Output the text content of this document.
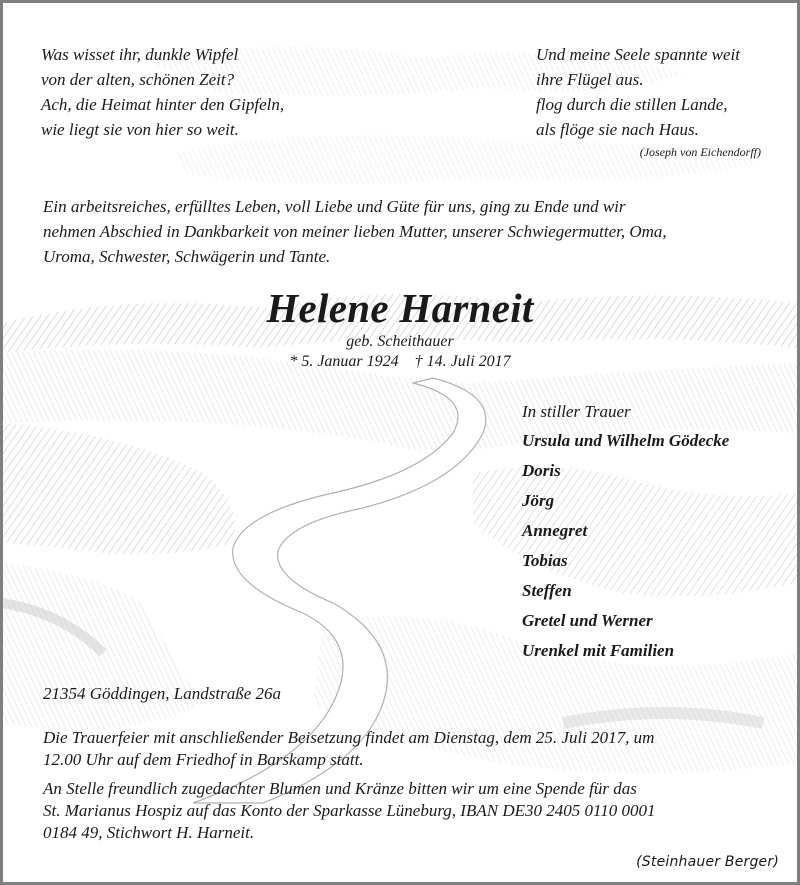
Was wisset ihr, dunkle Wipfel
von der alten, schönen Zeit?
Ach, die Heimat hinter den Gipfeln,
wie liegt sie von hier so weit.
Und meine Seele spannte weit
ihre Flügel aus.
flog durch die stillen Lande,
als flöge sie nach Haus.
(Joseph von Eichendorff)
Ein arbeitsreiches, erfülltes Leben, voll Liebe und Güte für uns, ging zu Ende und wir
nehmen Abschied in Dankbarkeit von meiner lieben Mutter, unserer Schwiegermutter, Oma,
Uroma, Schwester, Schwägerin und Tante.
Helene Harneit
geb. Scheithauer
* 5. Januar 1924 † 14. Juli 2017
In stiller Trauer
Ursula und Wilhelm Gödecke
Doris
Jörg
Annegret
Tobias
Steffen
Gretel und Werner
Urenkel mit Familien
21354 Göddingen, Landstraße 26a
Die Trauerfeier mit anschließender Beisetzung findet am Dienstag, dem 25. Juli 2017, um
12.00 Uhr auf dem Friedhof in Barskamp statt.
An Stelle freundlich zugedachter Blumen und Kränze bitten wir um eine Spende für das
St. Marianus Hospiz auf das Konto der Sparkasse Lüneburg, IBAN DE30 2405 0110 0001
0184 49, Stichwort H. Harneit.
(Steinhauer Berger)
